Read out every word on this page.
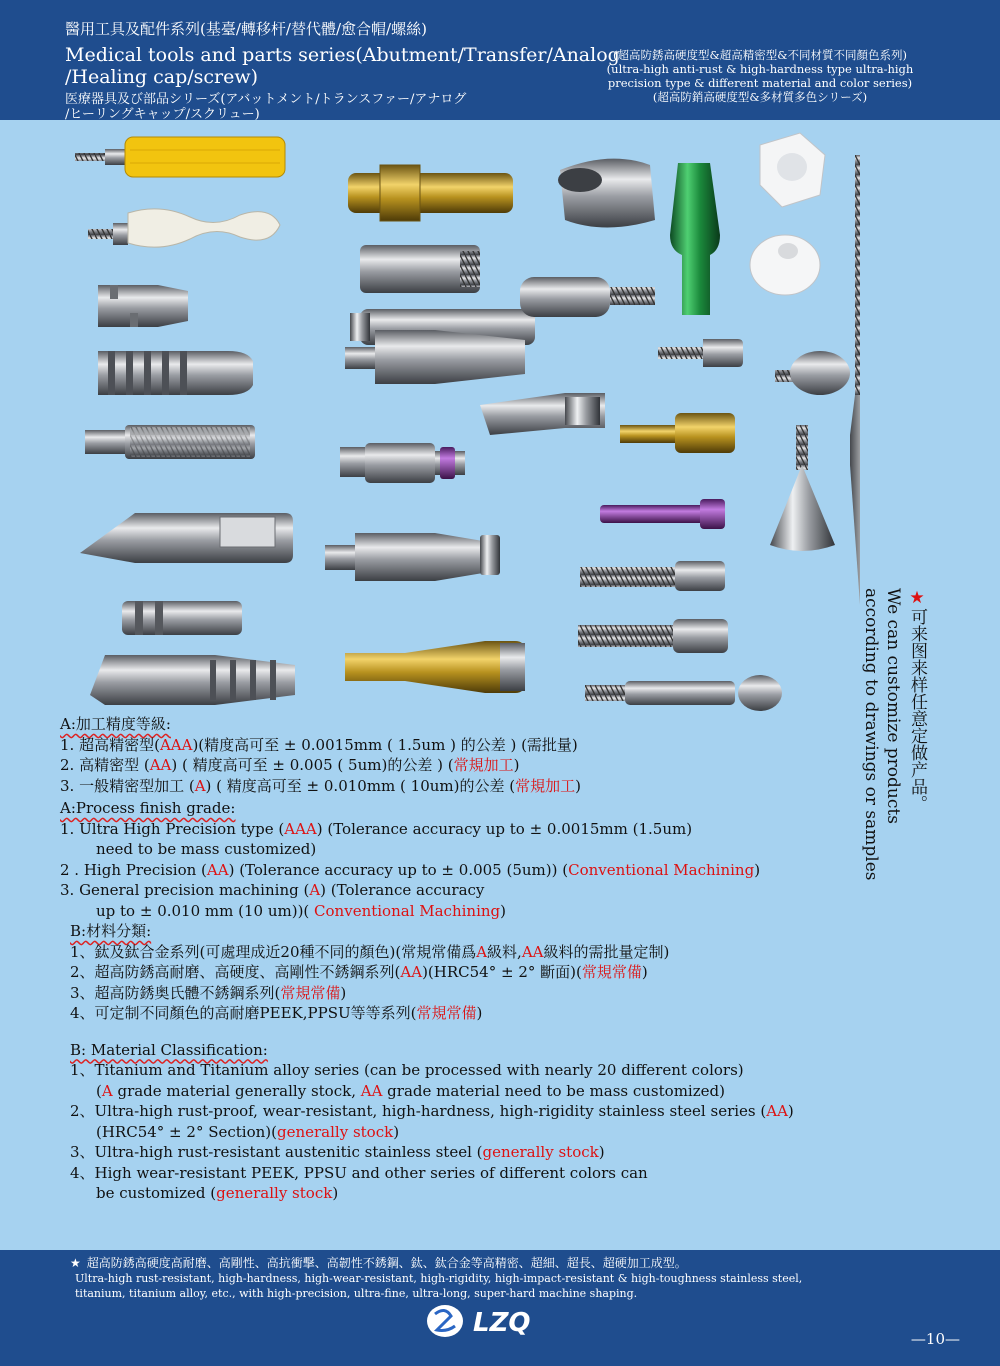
醫用工具及配件系列(基臺/轉移杆/替代體/愈合帽/螺絲)
Medical tools and parts series(Abutment/Transfer/Analog
/Healing cap/screw)
医療器具及び部品シリーズ(アバットメント/トランスファー/アナログ
/ヒーリングキャップ/スクリュー)
(超高防銹高硬度型&超高精密型&不同材質不同顏色系列)
(ultra-high anti-rust & high-hardness type ultra-high
precision type & different material and color series)
(超高防銷高硬度型&多材質多色シリーズ)
★可来图来样任意定做产品。
We can customize products
according to drawings or samples
A:加工精度等級:
1. 超高精密型(AAA)(精度高可至 ± 0.0015mm ( 1.5um ) 的公差 ) (需批量)
2. 高精密型 (AA) ( 精度高可至 ± 0.005 ( 5um)的公差 ) (常規加工)
3. 一般精密型加工 (A) ( 精度高可至 ± 0.010mm ( 10um)的公差 (常規加工)
A:Process finish grade:
1. Ultra High Precision type (AAA) (Tolerance accuracy up to ± 0.0015mm (1.5um)
need to be mass customized)
2 . High Precision (AA) (Tolerance accuracy up to ± 0.005 (5um)) (Conventional Machining)
3. General precision machining (A) (Tolerance accuracy
up to ± 0.010 mm (10 um))( Conventional Machining)
B:材料分類:
1、鈦及鈦合金系列(可處理成近20種不同的顏色)(常規常備爲A級料,AA級料的需批量定制)
2、超高防銹高耐磨、高硬度、高剛性不銹鋼系列(AA)(HRC54° ± 2° 斷面)(常規常備)
3、超高防銹奥氏體不銹鋼系列(常規常備)
4、可定制不同顏色的高耐磨PEEK,PPSU等等系列(常規常備)
B: Material Classification:
1、Titanium and Titanium alloy series (can be processed with nearly 20 different colors)
(A grade material generally stock, AA grade material need to be mass customized)
2、Ultra-high rust-proof, wear-resistant, high-hardness, high-rigidity stainless steel series (AA)
(HRC54° ± 2° Section)(generally stock)
3、Ultra-high rust-resistant austenitic stainless steel (generally stock)
4、High wear-resistant PEEK, PPSU and other series of different colors can
be customized (generally stock)
★ 超高防銹高硬度高耐磨、高剛性、高抗衝擊、高韌性不銹鋼、鈦、鈦合金等高精密、超細、超長、超硬加工成型。
Ultra-high rust-resistant, high-hardness, high-wear-resistant, high-rigidity, high-impact-resistant & high-toughness stainless steel,
titanium, titanium alloy, etc., with high-precision, ultra-fine, ultra-long, super-hard machine shaping.
LZQ
—10—
